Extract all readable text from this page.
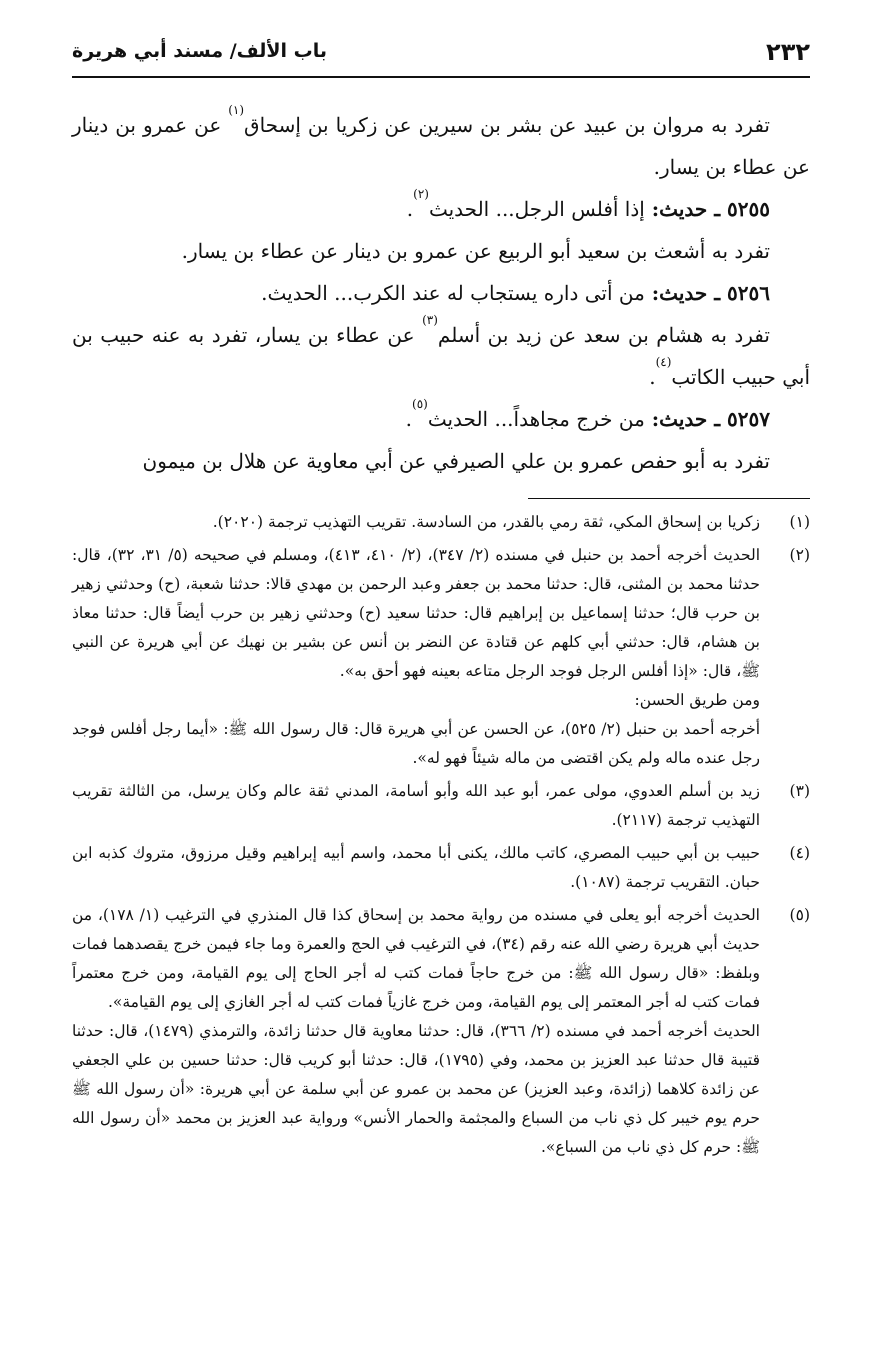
٢٣٢
باب الألف/ مسند أبي هريرة

تفرد به مروان بن عبيد عن بشر بن سيرين عن زكريا بن إسحاق$^{(١)}$ عن عمرو بن دينار عن عطاء بن يسار.

٥٢٥٥ ـ حديث: إذا أفلس الرجل... الحديث$^{(٢)}$.

تفرد به أشعث بن سعيد أبو الربيع عن عمرو بن دينار عن عطاء بن يسار.

٥٢٥٦ ـ حديث: من أتى داره يستجاب له عند الكرب... الحديث.

تفرد به هشام بن سعد عن زيد بن أسلم$^{(٣)}$ عن عطاء بن يسار، تفرد به عنه حبيب بن أبي حبيب الكاتب$^{(٤)}$.

٥٢٥٧ ـ حديث: من خرج مجاهداً... الحديث$^{(٥)}$.

تفرد به أبو حفص عمرو بن علي الصيرفي عن أبي معاوية عن هلال بن ميمون

(١)

زكريا بن إسحاق المكي، ثقة رمي بالقدر، من السادسة. تقريب التهذيب ترجمة (٢٠٢٠).

(٢)

الحديث أخرجه أحمد بن حنبل في مسنده (٢/ ٣٤٧)، (٢/ ٤١٠، ٤١٣)، ومسلم في صحيحه (٥/ ٣١، ٣٢)، قال: حدثنا محمد بن المثنى، قال: حدثنا محمد بن جعفر وعبد الرحمن بن مهدي قالا: حدثنا شعبة، (ح) وحدثني زهير بن حرب قال؛ حدثنا إسماعيل بن إبراهيم قال: حدثنا سعيد (ح) وحدثني زهير بن حرب أيضاً قال: حدثنا معاذ بن هشام، قال: حدثني أبي كلهم عن قتادة عن النضر بن أنس عن بشير بن نهيك عن أبي هريرة عن النبي ﷺ، قال: «إذا أفلس الرجل فوجد الرجل متاعه بعينه فهو أحق به».

ومن طريق الحسن:

أخرجه أحمد بن حنبل (٢/ ٥٢٥)، عن الحسن عن أبي هريرة قال: قال رسول الله ﷺ: «أيما رجل أفلس فوجد رجل عنده ماله ولم يكن اقتضى من ماله شيئاً فهو له».

(٣)

زيد بن أسلم العدوي، مولى عمر، أبو عبد الله وأبو أسامة، المدني ثقة عالم وكان يرسل، من الثالثة تقريب التهذيب ترجمة (٢١١٧).

(٤)

حبيب بن أبي حبيب المصري، كاتب مالك، يكنى أبا محمد، واسم أبيه إبراهيم وقيل مرزوق، متروك كذبه ابن حبان. التقريب ترجمة (١٠٨٧).

(٥)

الحديث أخرجه أبو يعلى في مسنده من رواية محمد بن إسحاق كذا قال المنذري في الترغيب (١/ ١٧٨)، من حديث أبي هريرة رضي الله عنه رقم (٣٤)، في الترغيب في الحج والعمرة وما جاء فيمن خرج يقصدهما فمات وبلفظ: «قال رسول الله ﷺ: من خرج حاجاً فمات كتب له أجر الحاج إلى يوم القيامة، ومن خرج معتمراً فمات كتب له أجر المعتمر إلى يوم القيامة، ومن خرج غازياً فمات كتب له أجر الغازي إلى يوم القيامة».

الحديث أخرجه أحمد في مسنده (٢/ ٣٦٦)، قال: حدثنا معاوية قال حدثنا زائدة، والترمذي (١٤٧٩)، قال: حدثنا قتيبة قال حدثنا عبد العزيز بن محمد، وفي (١٧٩٥)، قال: حدثنا أبو كريب قال: حدثنا حسين بن علي الجعفي عن زائدة كلاهما (زائدة، وعبد العزيز) عن محمد بن عمرو عن أبي سلمة عن أبي هريرة: «أن رسول الله ﷺ حرم يوم خيبر كل ذي ناب من السباع والمجثمة والحمار الأنس» ورواية عبد العزيز بن محمد «أن رسول الله ﷺ: حرم كل ذي ناب من السباع».
